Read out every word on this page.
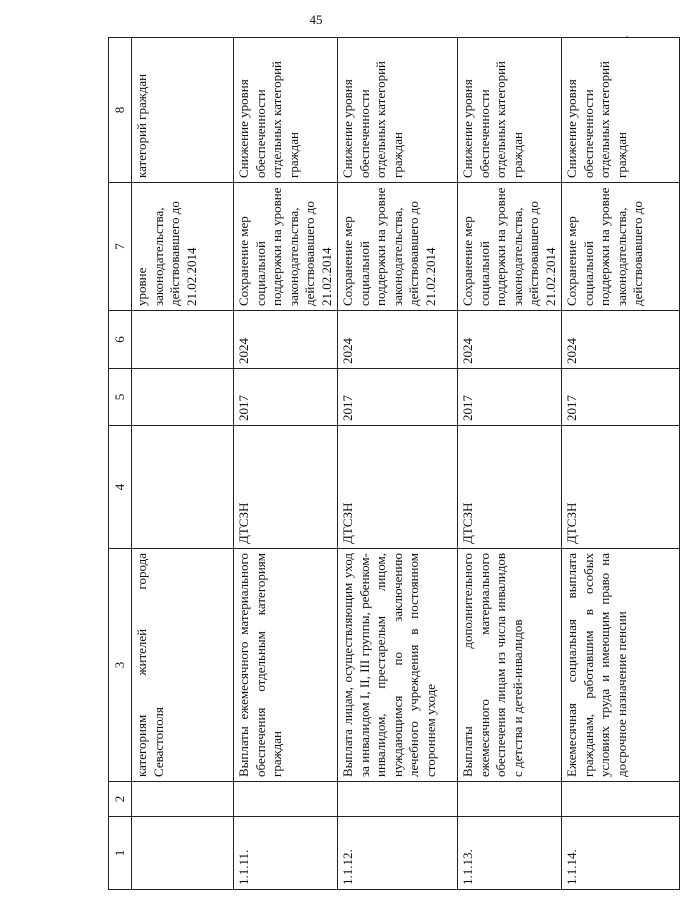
45
1	2	3	4	5	6	7	8
		категориям жителей города Севастополя				уровне законодательства, действовавшего до 21.02.2014	категорий граждан
1.1.11.		Выплаты ежемесячного материального обеспечения отдельным категориям граждан	ДТСЗН	2017	2024	Сохранение мер социальной поддержки на уровне законодательства, действовавшего до 21.02.2014	Снижение уровня обеспеченности отдельных категорий граждан
1.1.12.		Выплата лицам, осуществляющим уход за инвалидом I, II, III группы, ребенком-инвалидом, престарелым лицом, нуждающимся по заключению лечебного учреждения в постоянном стороннем уходе	ДТСЗН	2017	2024	Сохранение мер социальной поддержки на уровне законодательства, действовавшего до 21.02.2014	Снижение уровня обеспеченности отдельных категорий граждан
1.1.13.		Выплаты дополнительного ежемесячного материального обеспечения лицам из числа инвалидов с детства и детей-инвалидов	ДТСЗН	2017	2024	Сохранение мер социальной поддержки на уровне законодательства, действовавшего до 21.02.2014	Снижение уровня обеспеченности отдельных категорий граждан
1.1.14.		Ежемесячная социальная выплата гражданам, работавшим в особых условиях труда и имеющим право на досрочное назначение пенсии	ДТСЗН	2017	2024	Сохранение мер социальной поддержки на уровне законодательства, действовавшего до	Снижение уровня обеспеченности отдельных категорий граждан
